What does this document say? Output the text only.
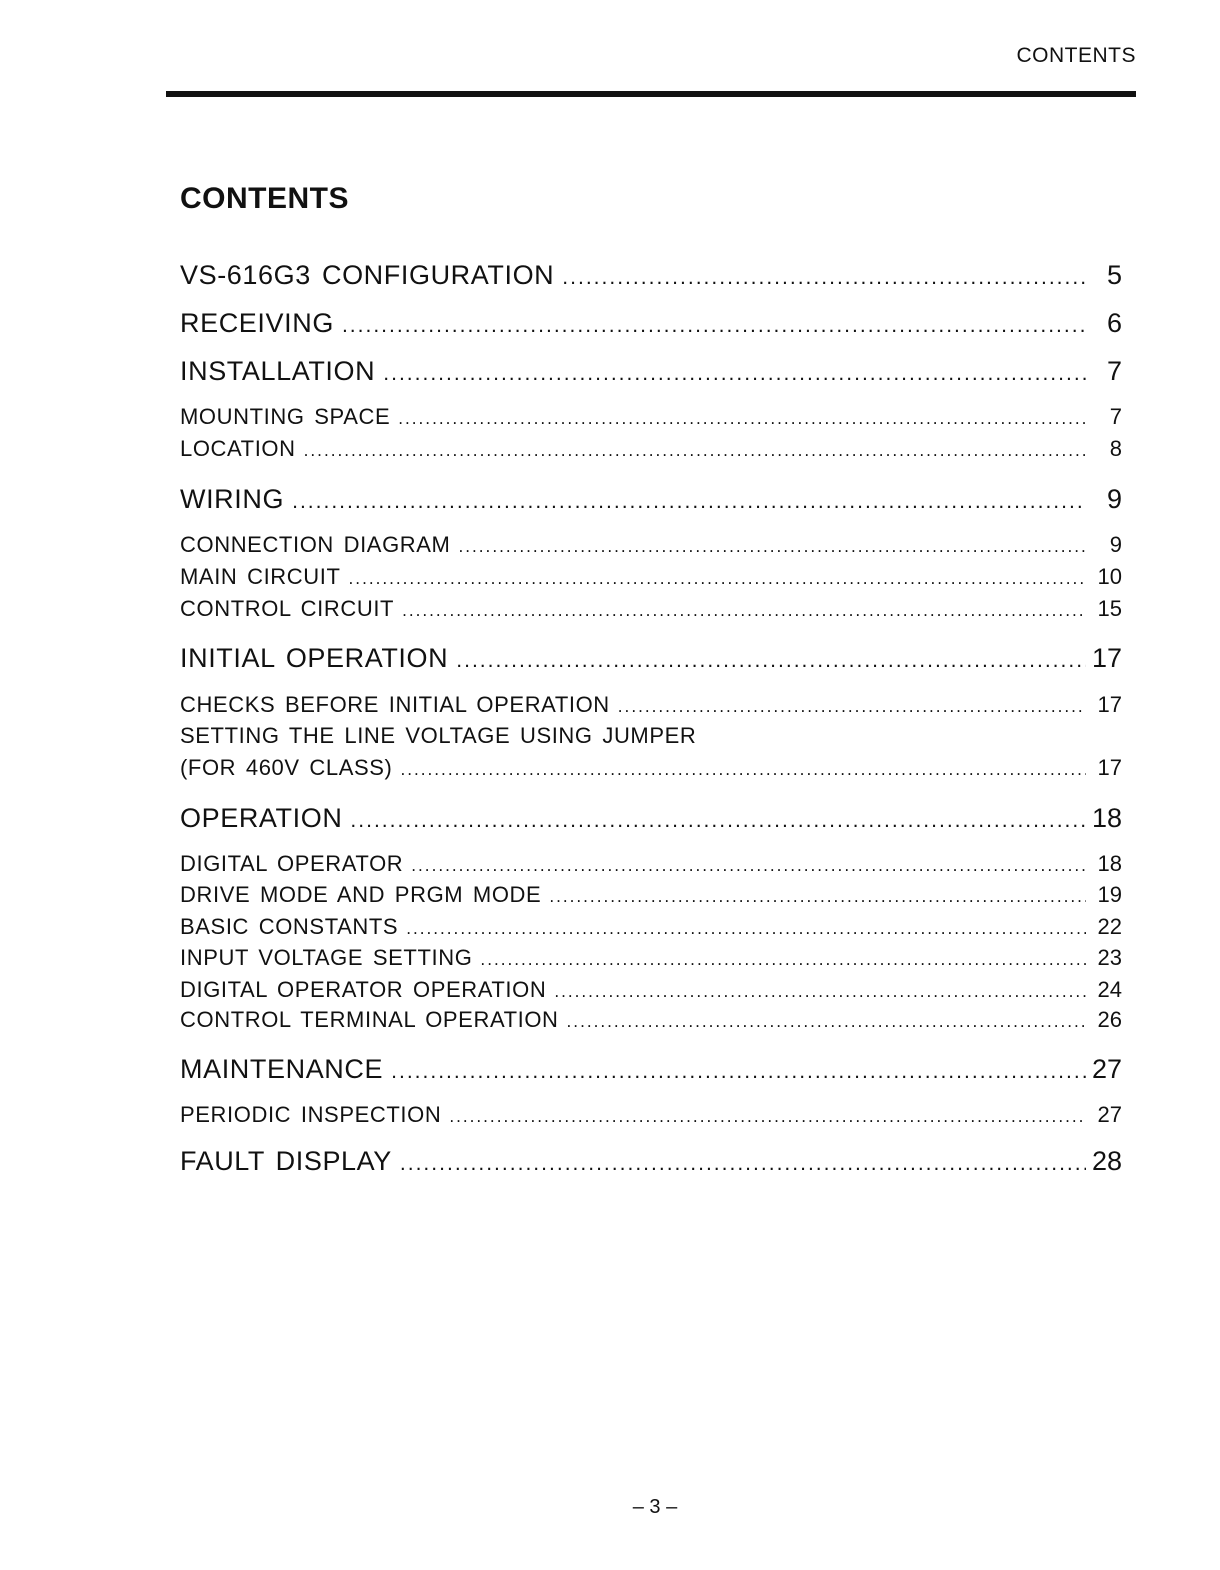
CONTENTS
CONTENTS
VS-616G3 CONFIGURATION .....	5
RECEIVING .....	6
INSTALLATION .....	7
MOUNTING SPACE .....	7
LOCATION .....	8
WIRING .....	9
CONNECTION DIAGRAM .....	9
MAIN CIRCUIT .....	10
CONTROL CIRCUIT .....	15
INITIAL OPERATION .....	17
CHECKS BEFORE INITIAL OPERATION .....	17
SETTING THE LINE VOLTAGE USING JUMPER
(FOR 460V CLASS) .....	17
OPERATION .....	18
DIGITAL OPERATOR .....	18
DRIVE MODE AND PRGM MODE .....	19
BASIC CONSTANTS .....	22
INPUT VOLTAGE SETTING .....	23
DIGITAL OPERATOR OPERATION .....	24
CONTROL TERMINAL OPERATION .....	26
MAINTENANCE .....	27
PERIODIC INSPECTION .....	27
FAULT DISPLAY .....	28
– 3 –
